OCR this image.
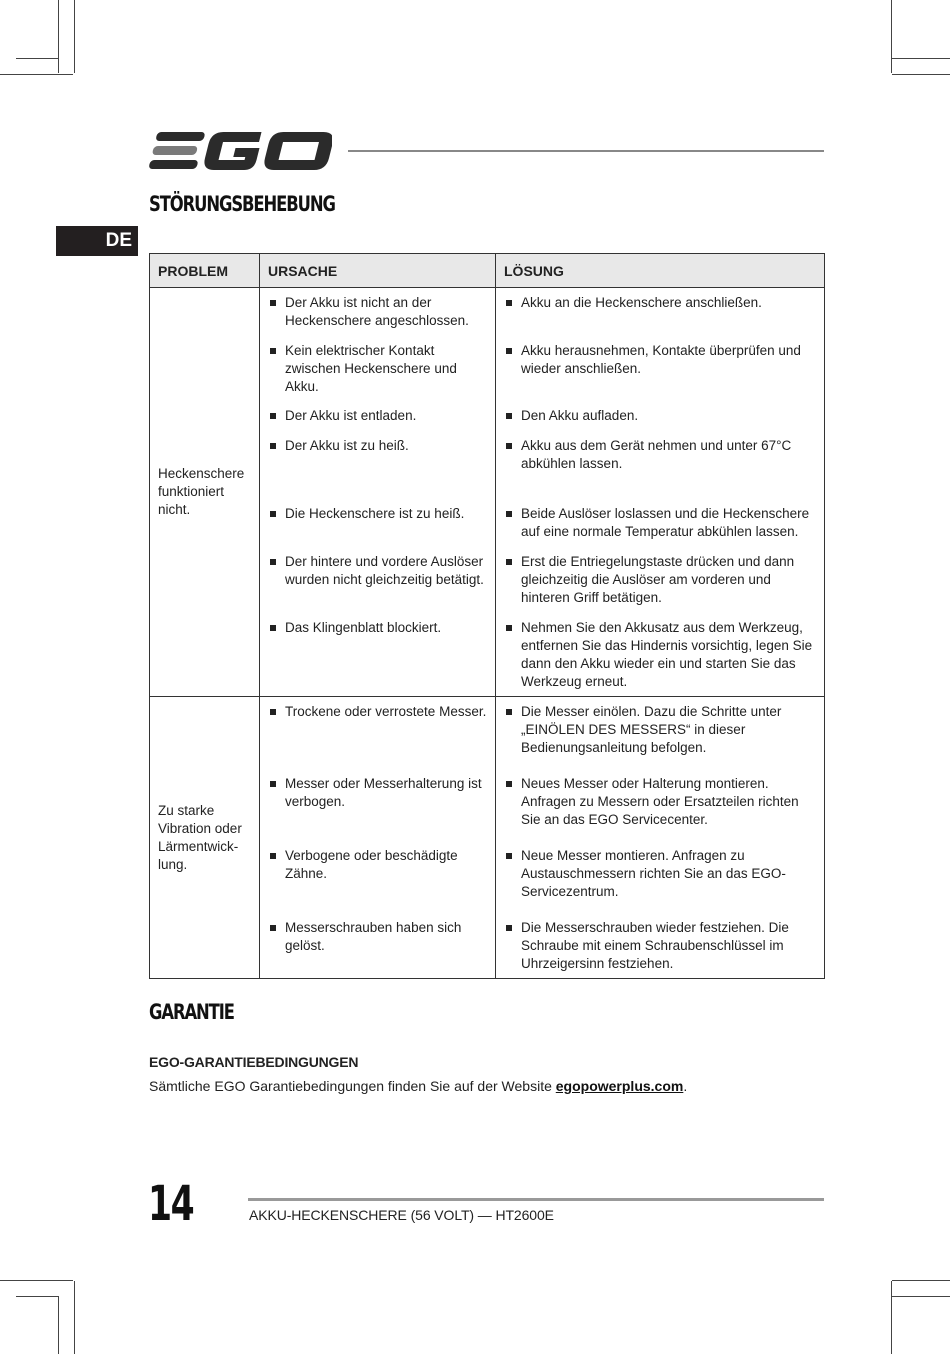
STÖRUNGSBEHEBUNG
DE
PROBLEM	URSACHE	LÖSUNG

Heckenschere funktioniert nicht.	Der Akku ist nicht an der Heckenschere angeschlossen.	Akku an die Heckenschere anschließen.

	Kein elektrischer Kontakt zwischen Heckenschere und Akku.	Akku herausnehmen, Kontakte überprüfen und wieder anschließen.

	Der Akku ist entladen.	Den Akku aufladen.

	Der Akku ist zu heiß.	Akku aus dem Gerät nehmen und unter 67°C abkühlen lassen.

	Die Heckenschere ist zu heiß.	Beide Auslöser loslassen und die Heckenschere auf eine normale Temperatur abkühlen lassen.

	Der hintere und vordere Auslöser wurden nicht gleichzeitig betätigt.	Erst die Entriegelungstaste drücken und dann gleichzeitig die Auslöser am vorderen und hinteren Griff betätigen.

	Das Klingenblatt blockiert.	Nehmen Sie den Akkusatz aus dem Werkzeug, entfernen Sie das Hindernis vorsichtig, legen Sie dann den Akku wieder ein und starten Sie das Werkzeug erneut.

Zu starke Vibration oder Lärmentwick-lung.	Trockene oder verrostete Messer.	Die Messer einölen. Dazu die Schritte unter „EINÖLEN DES MESSERS“ in dieser Bedienungsanleitung befolgen.

	Messer oder Messerhalterung ist verbogen.	Neues Messer oder Halterung montieren. Anfragen zu Messern oder Ersatzteilen richten Sie an das EGO Servicecenter.

	Verbogene oder beschädigte Zähne.	Neue Messer montieren. Anfragen zu Austauschmessern richten Sie an das EGO-Servicezentrum.

	Messerschrauben haben sich gelöst.	Die Messerschrauben wieder festziehen. Die Schraube mit einem Schraubenschlüssel im Uhrzeigersinn festziehen.
GARANTIE
EGO-GARANTIEBEDINGUNGEN

Sämtliche EGO Garantiebedingungen finden Sie auf der Website egopowerplus.com.

14	AKKU-HECKENSCHERE (56 VOLT) — HT2600E
